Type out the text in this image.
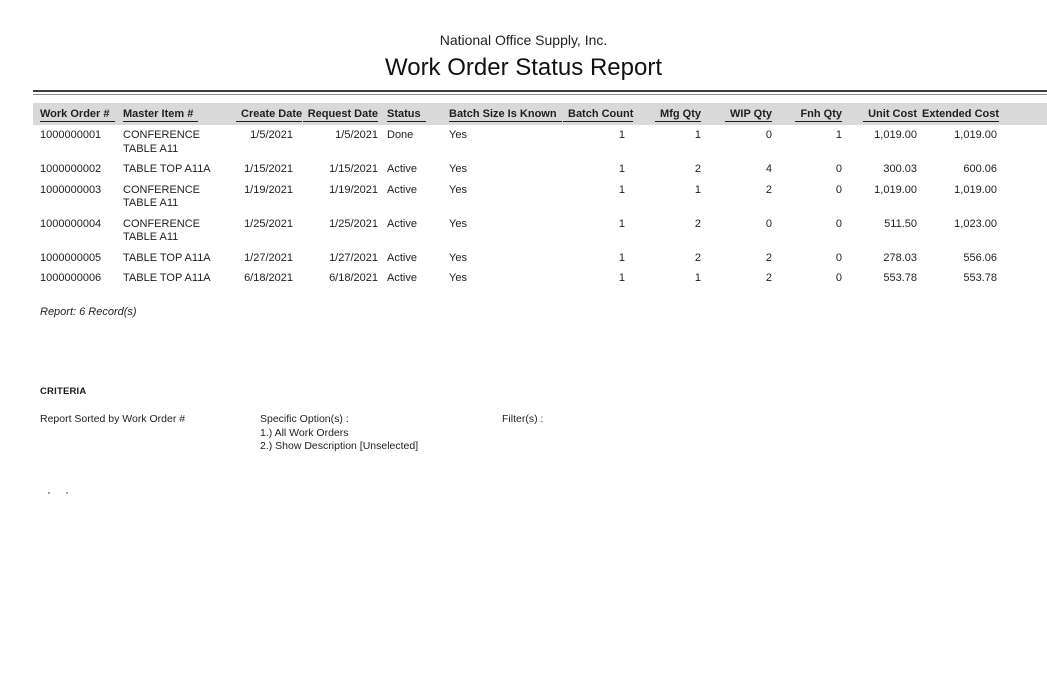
National Office Supply, Inc.
Work Order Status Report
Work Order #	Master Item #	Create Date	Request Date	Status	Batch Size Is Known	Batch Count	Mfg Qty	WIP Qty	Fnh Qty	Unit Cost	Extended Cost
1000000001	CONFERENCE TABLE A11	1/5/2021	1/5/2021	Done	Yes	1	1	0	1	1,019.00	1,019.00
1000000002	TABLE TOP A11A	1/15/2021	1/15/2021	Active	Yes	1	2	4	0	300.03	600.06
1000000003	CONFERENCE TABLE A11	1/19/2021	1/19/2021	Active	Yes	1	1	2	0	1,019.00	1,019.00
1000000004	CONFERENCE TABLE A11	1/25/2021	1/25/2021	Active	Yes	1	2	0	0	511.50	1,023.00
1000000005	TABLE TOP A11A	1/27/2021	1/27/2021	Active	Yes	1	2	2	0	278.03	556.06
1000000006	TABLE TOP A11A	6/18/2021	6/18/2021	Active	Yes	1	1	2	0	553.78	553.78
Report: 6 Record(s)
CRITERIA
Report Sorted by Work Order #	Specific Option(s) :
1.) All Work Orders
2.) Show Description [Unselected]
Filter(s) :
